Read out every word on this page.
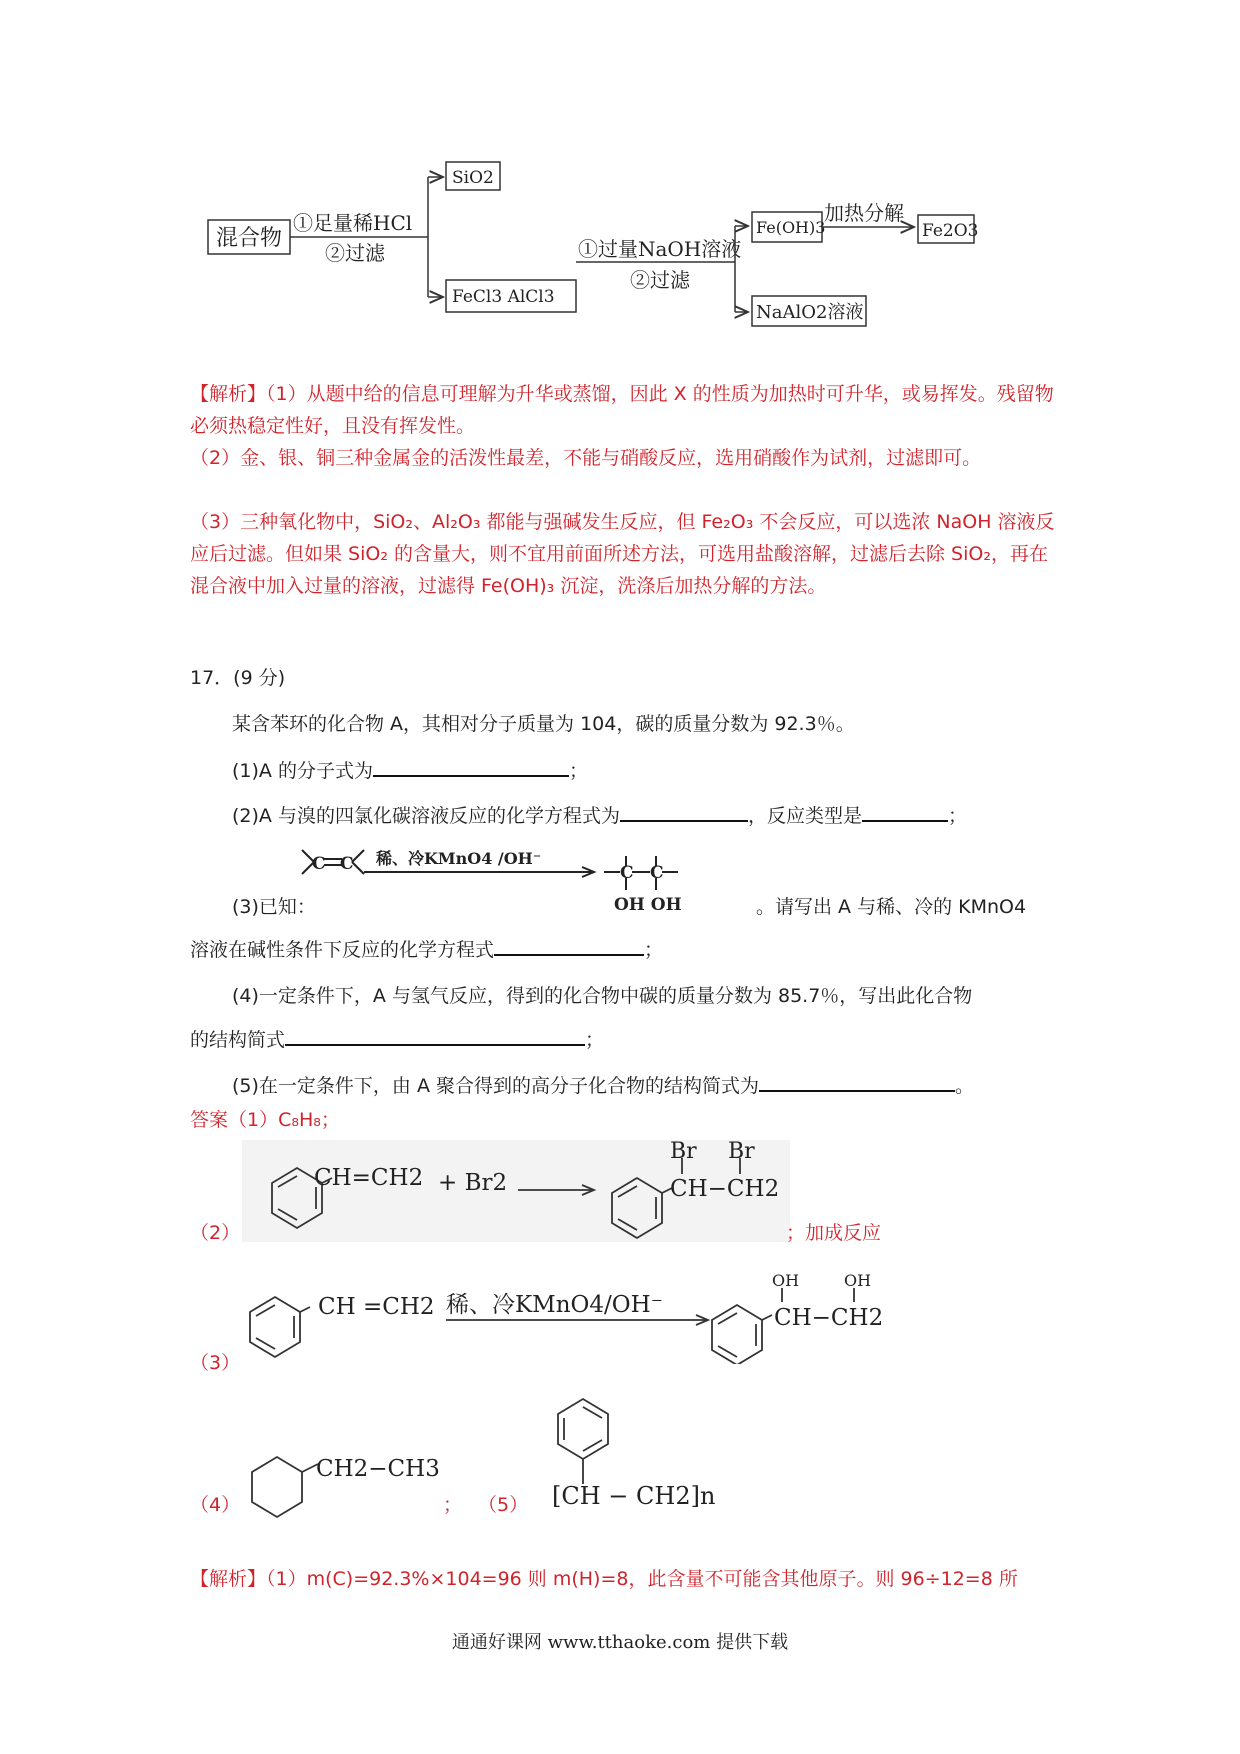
混合物
①足量稀HCl
②过滤
SiO2
FeCl3 AlCl3
①过量NaOH溶液
②过滤
Fe(OH)3
加热分解
Fe2O3
NaAlO2溶液
【解析】（1）从题中给的信息可理解为升华或蒸馏，因此 X 的性质为加热时可升华，或易挥发。残留物必须热稳定性好，且没有挥发性。
（2）金、银、铜三种金属金的活泼性最差，不能与硝酸反应，选用硝酸作为试剂，过滤即可。
（3）三种氧化物中，SiO₂、Al₂O₃ 都能与强碱发生反应，但 Fe₂O₃ 不会反应，可以选浓 NaOH 溶液反应后过滤。但如果 SiO₂ 的含量大，则不宜用前面所述方法，可选用盐酸溶解，过滤后去除 SiO₂，再在混合液中加入过量的溶液，过滤得 Fe(OH)₃ 沉淀，洗涤后加热分解的方法。
17．(9 分)
某含苯环的化合物 A，其相对分子质量为 104，碳的质量分数为 92.3％。
(1)A 的分子式为	；
(2)A 与溴的四氯化碳溶液反应的化学方程式为	，反应类型是	；
C C 稀、冷KMnO4 /OH⁻
C C
OH OH
(3)已知：	。请写出 A 与稀、冷的 KMnO4
溶液在碱性条件下反应的化学方程式	；
(4)一定条件下，A 与氢气反应，得到的化合物中碳的质量分数为 85.7％，写出此化合物
的结构简式	；
(5)在一定条件下，由 A 聚合得到的高分子化合物的结构简式为	。
答案（1）C₈H₈；
（2）
CH=CH2 + Br2	CH−CH2
Br Br
；加成反应
（3）
CH =CH2 稀、冷KMnO4/OH⁻	CH−CH2
OH	OH
（4）
CH2−CH3
； （5） [CH − CH2]n
【解析】（1）m(C)=92.3%×104=96 则 m(H)=8，此含量不可能含其他原子。则 96÷12=8 所
通通好课网 www.tthaoke.com 提供下载
